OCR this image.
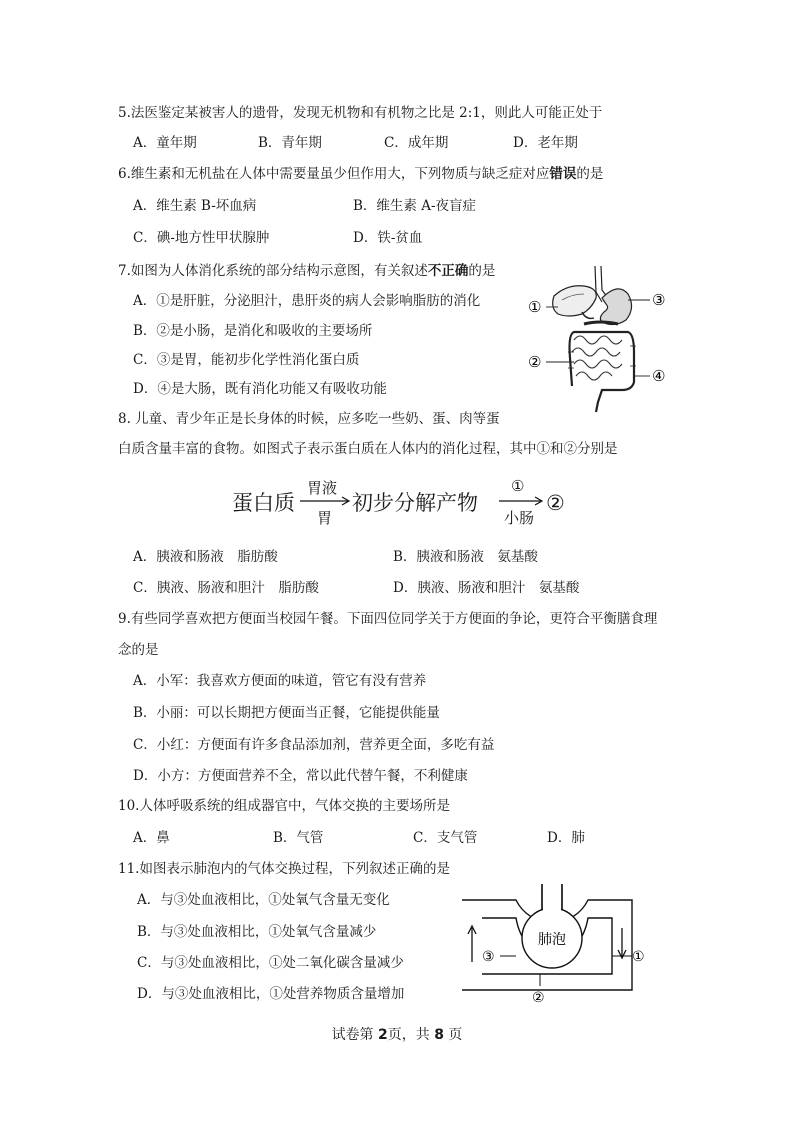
5.法医鉴定某被害人的遗骨，发现无机物和有机物之比是 2:1，则此人可能正处于
A．童年期	B．青年期	C．成年期	D．老年期
6.维生素和无机盐在人体中需要量虽少但作用大，下列物质与缺乏症对应错误的是
A．维生素 B-坏血病	B．维生素 A-夜盲症
C．碘-地方性甲状腺肿	D．铁-贫血
7.如图为人体消化系统的部分结构示意图，有关叙述不正确的是
A．①是肝脏，分泌胆汁，患肝炎的病人会影响脂肪的消化
B．②是小肠，是消化和吸收的主要场所
C．③是胃，能初步化学性消化蛋白质
D．④是大肠，既有消化功能又有吸收功能
①
②
③
④
8. 儿童、青少年正是长身体的时候，应多吃一些奶、蛋、肉等蛋
白质含量丰富的食物。如图式子表示蛋白质在人体内的消化过程，其中①和②分别是
蛋白质
胃液
胃
初步分解产物
①
小肠
②
A．胰液和肠液　脂肪酸	B．胰液和肠液　氨基酸
C．胰液、肠液和胆汁　脂肪酸	D．胰液、肠液和胆汁　氨基酸
9.有些同学喜欢把方便面当校园午餐。下面四位同学关于方便面的争论，更符合平衡膳食理
念的是
A．小军：我喜欢方便面的味道，管它有没有营养
B．小丽：可以长期把方便面当正餐，它能提供能量
C．小红：方便面有许多食品添加剂，营养更全面，多吃有益
D．小方：方便面营养不全，常以此代替午餐，不利健康
10.人体呼吸系统的组成器官中，气体交换的主要场所是
A．鼻	B．气管	C．支气管	D．肺
11.如图表示肺泡内的气体交换过程，下列叙述正确的是
A．与③处血液相比，①处氧气含量无变化
B．与③处血液相比，①处氧气含量减少
C．与③处血液相比，①处二氧化碳含量减少
D．与③处血液相比，①处营养物质含量增加
肺泡
③	①
②
试卷第 2页，共 8 页
